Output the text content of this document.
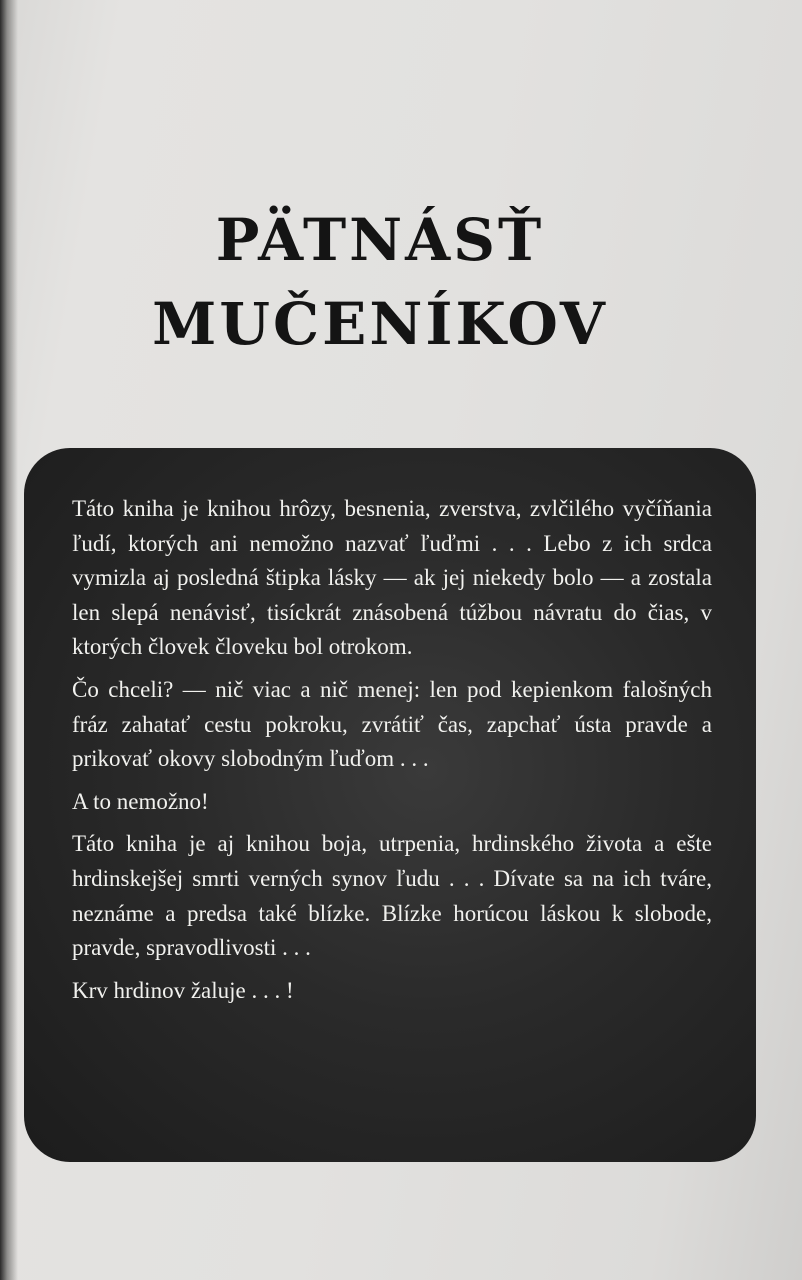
PÄTNÁSŤ
MUČENÍKOV

Táto kniha je knihou hrôzy, besnenia, zverstva, zvlčilého vyčíňania ľudí, ktorých ani nemožno nazvať ľuďmi . . . Lebo z ich srdca vymizla aj posledná štipka lásky — ak jej niekedy bolo — a zostala len slepá nenávisť, tisíckrát znásobená túžbou návratu do čias, v ktorých človek človeku bol otrokom.

Čo chceli? — nič viac a nič menej: len pod kepienkom falošných fráz zahatať cestu pokroku, zvrátiť čas, zapchať ústa pravde a prikovať okovy slobodným ľuďom . . .

A to nemožno!

Táto kniha je aj knihou boja, utrpenia, hrdinského života a ešte hrdinskejšej smrti verných synov ľudu . . . Dívate sa na ich tváre, neznáme a predsa také blízke. Blízke horúcou láskou k slobode, pravde, spravodlivosti . . .

Krv hrdinov žaluje . . . !
